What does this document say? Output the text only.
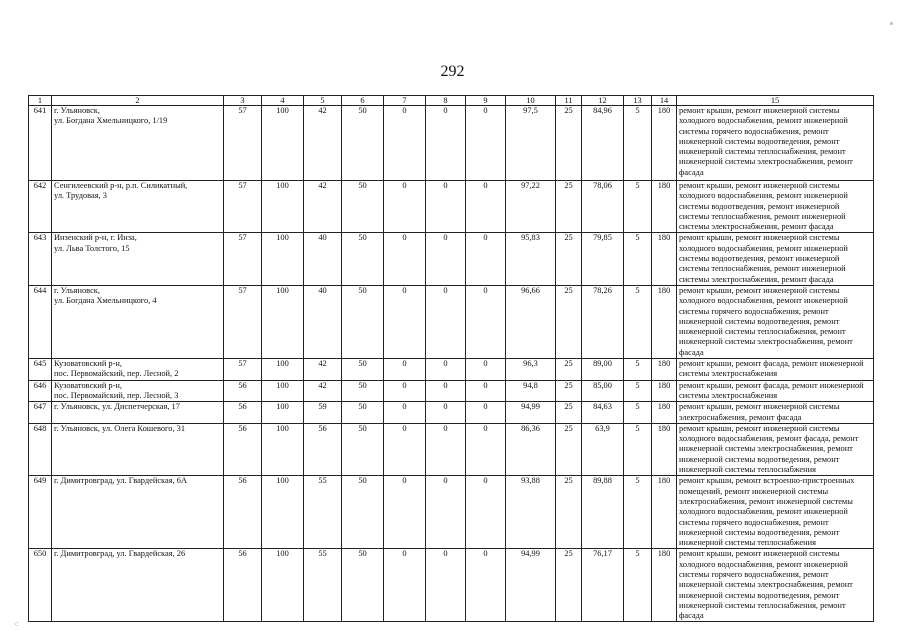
292
⁖
1	2	3	4	5	6	7	8	9	10	11	12	13	14	15
641	г. Ульяновск,
ул. Богдана Хмельницкого, 1/19	57	100	42	50	0	0	0	97,5	25	84,96	5	180	ремонт крыши, ремонт инженерной системы холодного водоснабжения, ремонт инженерной системы горячего водоснабжения, ремонт инженерной системы водоотведения, ремонт инженерной системы теплоснабжения, ремонт инженерной системы электроснабжения, ремонт фасада
642	Сенгилеевский р-н, р.п. Силикатный,
ул. Трудовая, 3	57	100	42	50	0	0	0	97,22	25	78,06	5	180	ремонт крыши, ремонт инженерной системы холодного водоснабжения, ремонт инженерной системы водоотведения, ремонт инженерной системы теплоснабжения, ремонт инженерной системы электроснабжения, ремонт фасада
643	Инзенский р-н, г. Инза,
ул. Льва Толстого, 15	57	100	40	50	0	0	0	95,83	25	79,85	5	180	ремонт крыши, ремонт инженерной системы холодного водоснабжения, ремонт инженерной системы водоотведения, ремонт инженерной системы теплоснабжения, ремонт инженерной системы электроснабжения, ремонт фасада
644	г. Ульяновск,
ул. Богдана Хмельницкого, 4	57	100	40	50	0	0	0	96,66	25	78,26	5	180	ремонт крыши, ремонт инженерной системы холодного водоснабжения, ремонт инженерной системы горячего водоснабжения, ремонт инженерной системы водоотведения, ремонт инженерной системы теплоснабжения, ремонт инженерной системы электроснабжения, ремонт фасада
645	Кузоватовский р-н,
пос. Первомайский, пер. Лесной, 2	57	100	42	50	0	0	0	96,3	25	89,00	5	180	ремонт крыши, ремонт фасада, ремонт инженерной системы электроснабжения
646	Кузоватовский р-н,
пос. Первомайский, пер. Лесной, 3	56	100	42	50	0	0	0	94,8	25	85,00	5	180	ремонт крыши, ремонт фасада, ремонт инженерной системы электроснабжения
647	г. Ульяновск, ул. Диспетчерская, 17	56	100	59	50	0	0	0	94,99	25	84,63	5	180	ремонт крыши, ремонт инженерной системы электроснабжения, ремонт фасада
648	г. Ульяновск, ул. Олега Кошевого, 31	56	100	56	50	0	0	0	86,36	25	63,9	5	180	ремонт крыши, ремонт инженерной системы холодного водоснабжения, ремонт фасада, ремонт инженерной системы электроснабжения, ремонт инженерной системы водоотведения, ремонт инженерной системы теплоснабжения
649	г. Димитровград, ул. Гвардейская, 6А	56	100	55	50	0	0	0	93,88	25	89,88	5	180	ремонт крыши, ремонт встроенно-пристроенных помещений, ремонт инженерной системы электроснабжения, ремонт инженерной системы холодного водоснабжения, ремонт инженерной системы горячего водоснабжения, ремонт инженерной системы водоотведения, ремонт инженерной системы теплоснабжения
650	г. Димитровград, ул. Гвардейская, 26	56	100	55	50	0	0	0	94,99	25	76,17	5	180	ремонт крыши, ремонт инженерной системы холодного водоснабжения, ремонт инженерной системы горячего водоснабжения, ремонт инженерной системы электроснабжения, ремонт инженерной системы водоотведения, ремонт инженерной системы теплоснабжения, ремонт фасада
